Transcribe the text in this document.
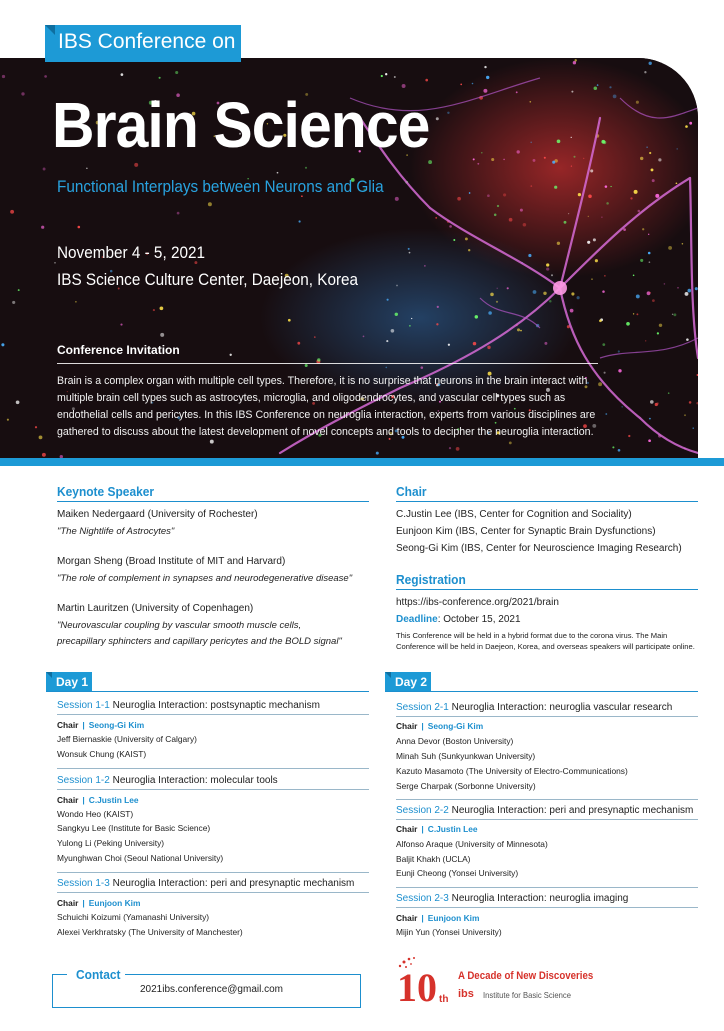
IBS Conference on
Brain Science
Functional Interplays between Neurons and Glia
November 4 - 5, 2021
IBS Science Culture Center, Daejeon, Korea
Conference Invitation
Brain is a complex organ with multiple cell types. Therefore, it is no surprise that neurons in the brain interact with
multiple brain cell types such as astrocytes, microglia, and oligodendrocytes, and vascular cell types such as
endothelial cells and pericytes. In this IBS Conference on neuroglia interaction, experts from various disciplines are
gathered to discuss about the latest development of novel concepts and tools to decipher the neuroglia interaction.
Keynote Speaker
Maiken Nedergaard (University of Rochester)
"The Nightlife of Astrocytes"
Morgan Sheng (Broad Institute of MIT and Harvard)
"The role of complement in synapses and neurodegenerative disease"
Martin Lauritzen (University of Copenhagen)
"Neurovascular coupling by vascular smooth muscle cells,
precapillary sphincters and capillary pericytes and the BOLD signal"
Chair
C.Justin Lee (IBS, Center for Cognition and Sociality)
Eunjoon Kim (IBS, Center for Synaptic Brain Dysfunctions)
Seong-Gi Kim (IBS, Center for Neuroscience Imaging Research)
Registration
https://ibs-conference.org/2021/brain
Deadline: October 15, 2021
This Conference will be held in a hybrid format due to the corona virus. The Main Conference will be held in Daejeon, Korea, and overseas speakers will participate online.
Day 1
Session 1-1 Neuroglia Interaction: postsynaptic mechanism
Chair | Seong-Gi Kim
Jeff Biernaskie (University of Calgary)
Wonsuk Chung (KAIST)
Session 1-2 Neuroglia Interaction: molecular tools
Chair | C.Justin Lee
Wondo Heo (KAIST)
Sangkyu Lee (Institute for Basic Science)
Yulong Li (Peking University)
Myunghwan Choi (Seoul National University)
Session 1-3 Neuroglia Interaction: peri and presynaptic mechanism
Chair | Eunjoon Kim
Schuichi Koizumi (Yamanashi University)
Alexei Verkhratsky (The University of Manchester)
Day 2
Session 2-1 Neuroglia Interaction: neuroglia vascular research
Chair | Seong-Gi Kim
Anna Devor (Boston University)
Minah Suh (Sunkyunkwan University)
Kazuto Masamoto (The University of Electro-Communications)
Serge Charpak (Sorbonne University)
Session 2-2 Neuroglia Interaction: peri and presynaptic mechanism
Chair | C.Justin Lee
Alfonso Araque (University of Minnesota)
Baljit Khakh (UCLA)
Eunji Cheong (Yonsei University)
Session 2-3 Neuroglia Interaction: neuroglia imaging
Chair | Eunjoon Kim
Mijin Yun (Yonsei University)
Contact
2021ibs.conference@gmail.com	10 th
A Decade of New Discoveries
ibs Institute for Basic Science
